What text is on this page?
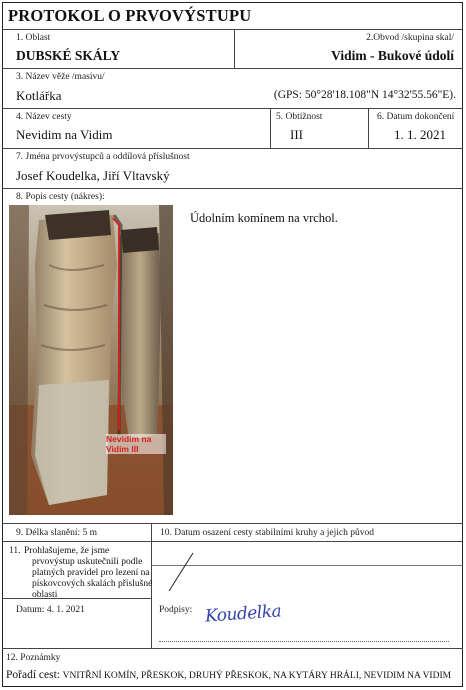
PROTOKOL O PRVOVÝSTUPU
1. Oblast
DUBSKÉ SKÁLY
2.Obvod /skupina skal/
Vidim - Bukové údolí
3. Název věže /masivu/
Kotlářka	(GPS: 50°28'18.108"N 14°32'55.56"E).
4. Název cesty
Nevidim na Vidim
5. Obtížnost
III
6. Datum dokončení
1. 1. 2021
7. Jména prvovýstupců a oddílová příslušnost
Josef Koudelka, Jiří Vltavský
8. Popis cesty (nákres):
Údolním komínem na vrchol.
Nevidim na
Vidim III
9. Délka slanění: 5 m	10. Datum osazení cesty stabilními kruhy a jejich původ
11. Prohlašujeme, že jsme
prvovýstup uskutečnili podle
platných pravidel pro lezení na
pískovcových skalách příslušné
oblasti
Datum: 4. 1. 2021	Podpisy: Koudelka
12. Poznámky
Pořadí cest: VNITŘNÍ KOMÍN, PŘESKOK, DRUHÝ PŘESKOK, NA KYTÁRY HRÁLI, NEVIDIM NA VIDIM
